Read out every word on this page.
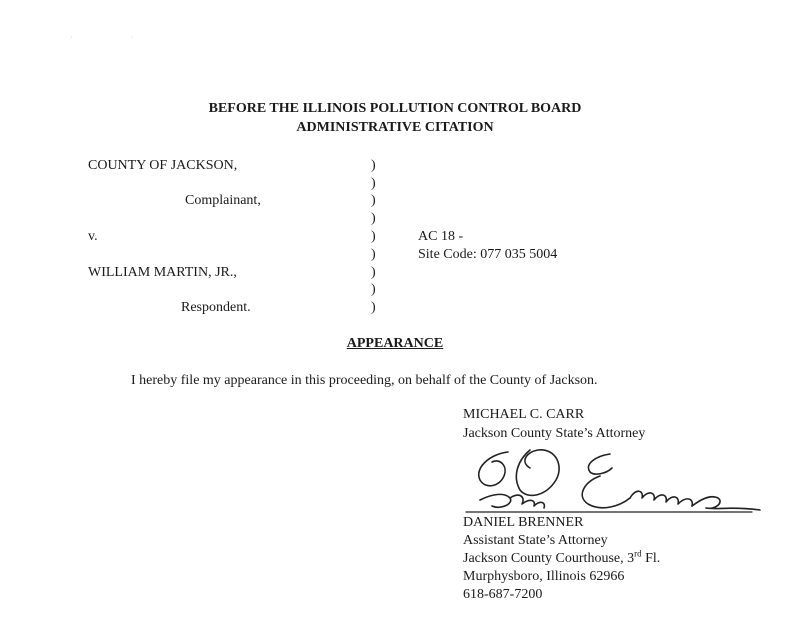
· ·
BEFORE THE ILLINOIS POLLUTION CONTROL BOARD
ADMINISTRATIVE CITATION
COUNTY OF JACKSON,
Complainant,
v.
WILLIAM MARTIN, JR.,
Respondent.
)
)
)
)
)
)
)
)
)
AC 18 -
Site Code: 077 035 5004
APPEARANCE
I hereby file my appearance in this proceeding, on behalf of the County of Jackson.
MICHAEL C. CARR
Jackson County State’s Attorney
DANIEL BRENNER
Assistant State’s Attorney
Jackson County Courthouse, 3rd Fl.
Murphysboro, Illinois 62966
618-687-7200
